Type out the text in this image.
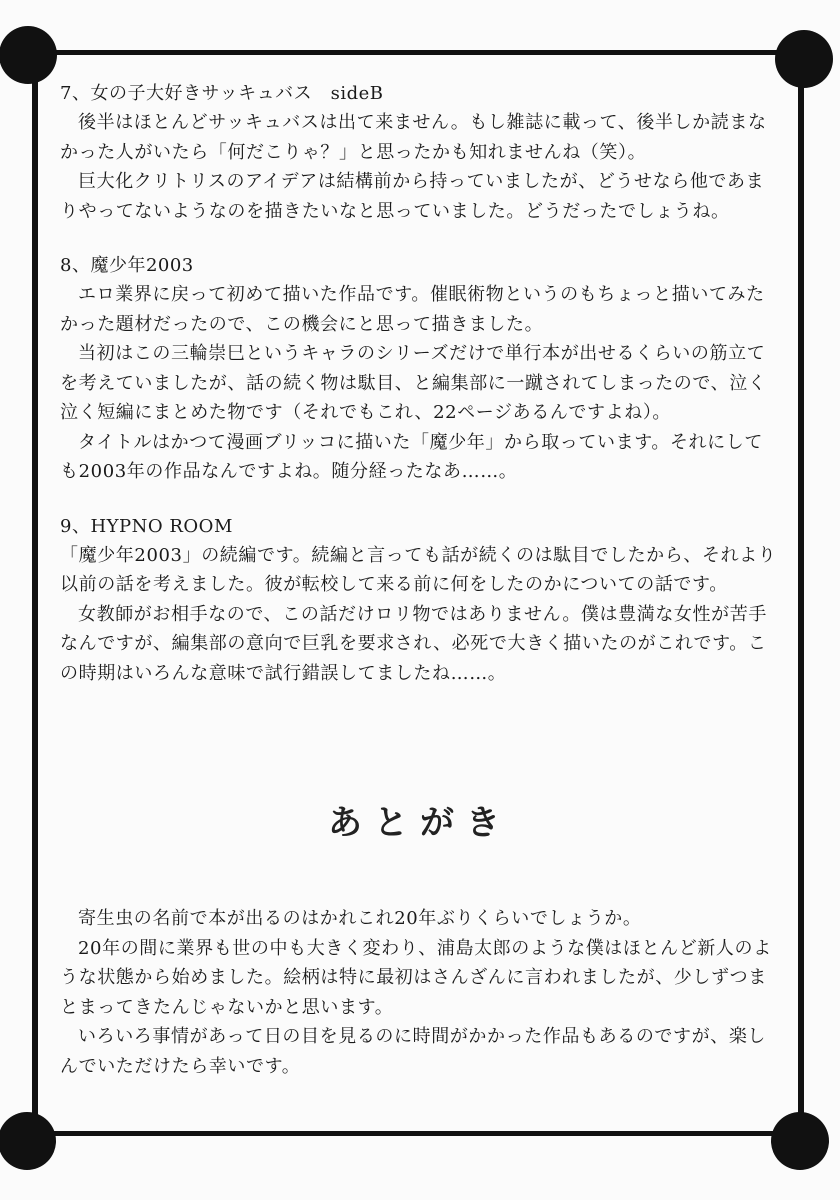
7、女の子大好きサッキュバス　sideB

後半はほとんどサッキュバスは出て来ません。もし雑誌に載って、後半しか読まなかった人がいたら「何だこりゃ？」と思ったかも知れませんね（笑）。

巨大化クリトリスのアイデアは結構前から持っていましたが、どうせなら他であまりやってないようなのを描きたいなと思っていました。どうだったでしょうね。

8、魔少年2003

エロ業界に戻って初めて描いた作品です。催眠術物というのもちょっと描いてみたかった題材だったので、この機会にと思って描きました。

当初はこの三輪崇巳というキャラのシリーズだけで単行本が出せるくらいの筋立てを考えていましたが、話の続く物は駄目、と編集部に一蹴されてしまったので、泣く泣く短編にまとめた物です（それでもこれ、22ページあるんですよね）。

タイトルはかつて漫画ブリッコに描いた「魔少年」から取っています。それにしても2003年の作品なんですよね。随分経ったなあ……。

9、HYPNO ROOM

「魔少年2003」の続編です。続編と言っても話が続くのは駄目でしたから、それより以前の話を考えました。彼が転校して来る前に何をしたのかについての話です。

女教師がお相手なので、この話だけロリ物ではありません。僕は豊満な女性が苦手なんですが、編集部の意向で巨乳を要求され、必死で大きく描いたのがこれです。この時期はいろんな意味で試行錯誤してましたね……。

あとがき

寄生虫の名前で本が出るのはかれこれ20年ぶりくらいでしょうか。

20年の間に業界も世の中も大きく変わり、浦島太郎のような僕はほとんど新人のような状態から始めました。絵柄は特に最初はさんざんに言われましたが、少しずつまとまってきたんじゃないかと思います。

いろいろ事情があって日の目を見るのに時間がかかった作品もあるのですが、楽しんでいただけたら幸いです。
